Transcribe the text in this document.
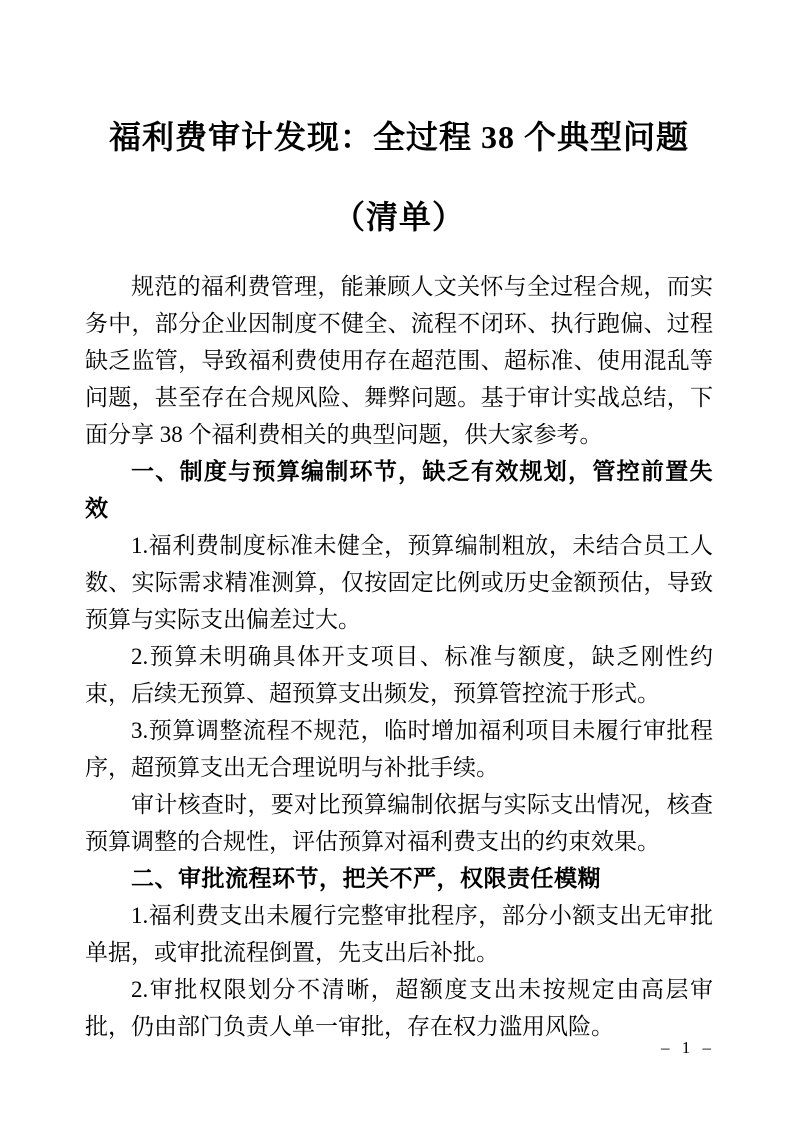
福利费审计发现：全过程 38 个典型问题
（清单）

规范的福利费管理，能兼顾人文关怀与全过程合规，而实务中，部分企业因制度不健全、流程不闭环、执行跑偏、过程缺乏监管，导致福利费使用存在超范围、超标准、使用混乱等问题，甚至存在合规风险、舞弊问题。基于审计实战总结，下面分享 38 个福利费相关的典型问题，供大家参考。

一、制度与预算编制环节，缺乏有效规划，管控前置失效

1.福利费制度标准未健全，预算编制粗放，未结合员工人数、实际需求精准测算，仅按固定比例或历史金额预估，导致预算与实际支出偏差过大。

2.预算未明确具体开支项目、标准与额度，缺乏刚性约束，后续无预算、超预算支出频发，预算管控流于形式。

3.预算调整流程不规范，临时增加福利项目未履行审批程序，超预算支出无合理说明与补批手续。

审计核查时，要对比预算编制依据与实际支出情况，核查预算调整的合规性，评估预算对福利费支出的约束效果。

二、审批流程环节，把关不严，权限责任模糊

1.福利费支出未履行完整审批程序，部分小额支出无审批单据，或审批流程倒置，先支出后补批。

2.审批权限划分不清晰，超额度支出未按规定由高层审批，仍由部门负责人单一审批，存在权力滥用风险。

– 1 –
